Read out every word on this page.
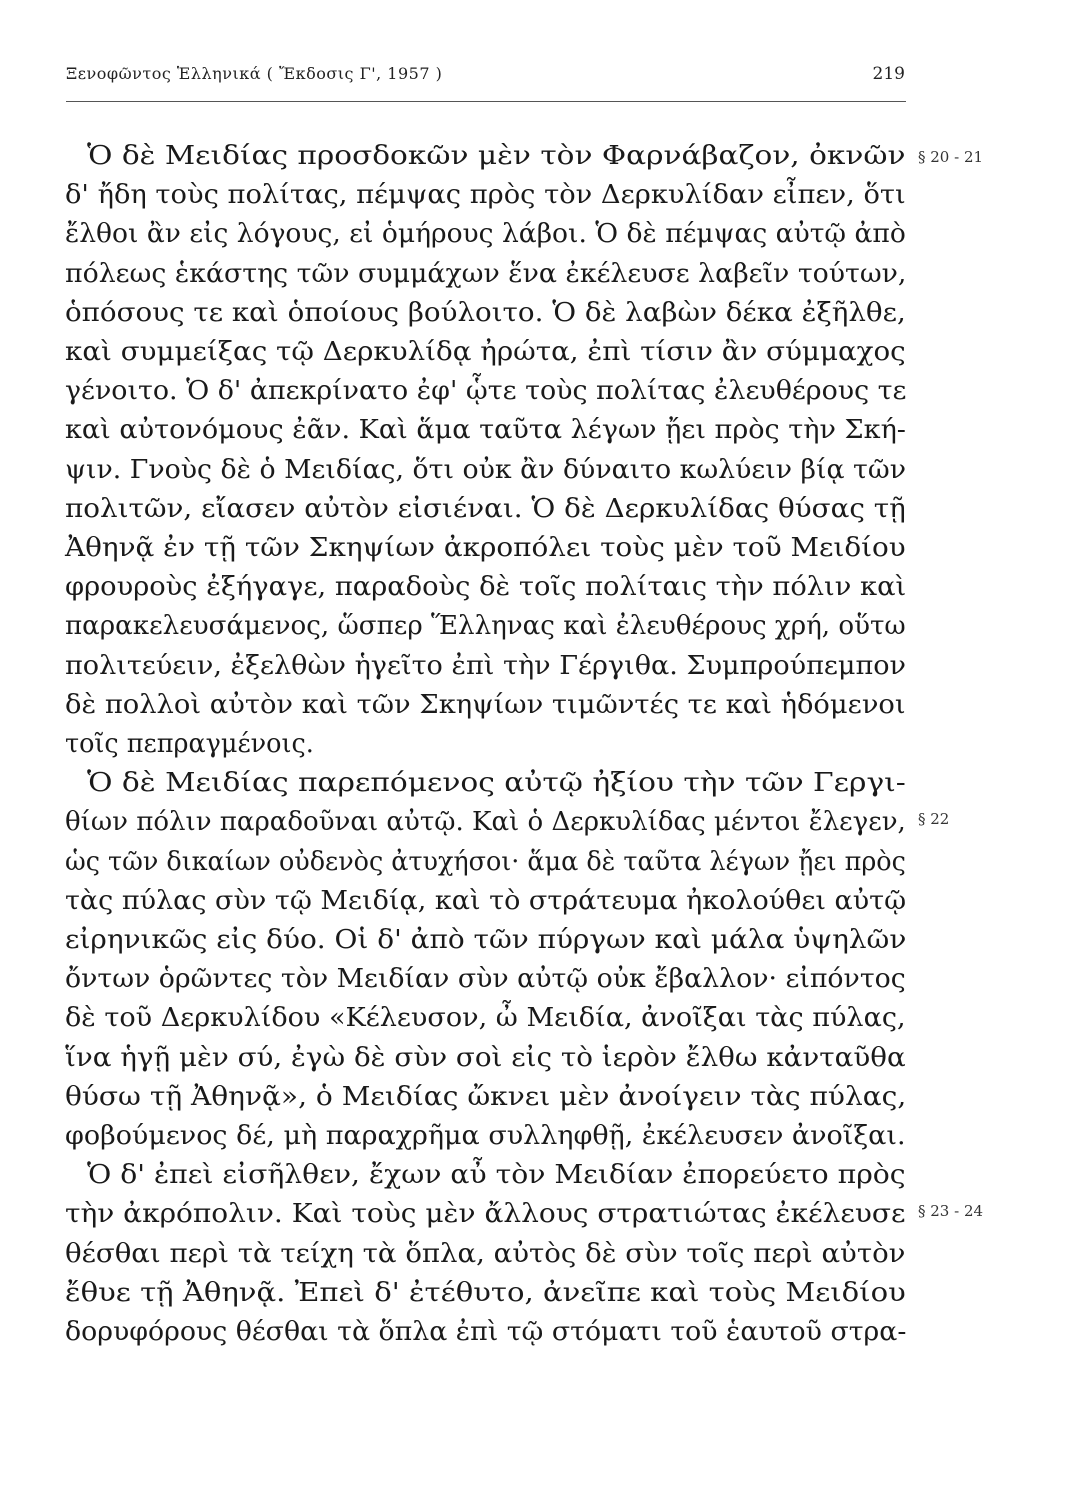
Ξενοφῶντος Ἑλληνικά ( Ἔκδοσις Γ', 1957 )	219
Ὁ δὲ Μειδίας προσδοκῶν μὲν τὸν Φαρνάβαζον, ὀκνῶν
δ' ἤδη τοὺς πολίτας, πέμψας πρὸς τὸν Δερκυλίδαν εἶπεν, ὅτι
ἔλθοι ἂν εἰς λόγους, εἰ ὁμήρους λάβοι. Ὁ δὲ πέμψας αὐτῷ ἀπὸ
πόλεως ἑκάστης τῶν συμμάχων ἕνα ἐκέλευσε λαβεῖν τούτων,
ὁπόσους τε καὶ ὁποίους βούλοιτο. Ὁ δὲ λαβὼν δέκα ἐξῆλθε,
καὶ συμμείξας τῷ Δερκυλίδᾳ ἠρώτα, ἐπὶ τίσιν ἂν σύμμαχος
γένοιτο. Ὁ δ' ἀπεκρίνατο ἐφ' ᾧτε τοὺς πολίτας ἐλευθέρους τε
καὶ αὐτονόμους ἐᾶν. Καὶ ἅμα ταῦτα λέγων ᾔει πρὸς τὴν Σκή-
ψιν. Γνοὺς δὲ ὁ Μειδίας, ὅτι οὐκ ἂν δύναιτο κωλύειν βίᾳ τῶν
πολιτῶν, εἴασεν αὐτὸν εἰσιέναι. Ὁ δὲ Δερκυλίδας θύσας τῇ
Ἀθηνᾷ ἐν τῇ τῶν Σκηψίων ἀκροπόλει τοὺς μὲν τοῦ Μειδίου
φρουροὺς ἐξήγαγε, παραδοὺς δὲ τοῖς πολίταις τὴν πόλιν καὶ
παρακελευσάμενος, ὥσπερ Ἕλληνας καὶ ἐλευθέρους χρή, οὕτω
πολιτεύειν, ἐξελθὼν ἡγεῖτο ἐπὶ τὴν Γέργιθα. Συμπρούπεμπον
δὲ πολλοὶ αὐτὸν καὶ τῶν Σκηψίων τιμῶντές τε καὶ ἡδόμενοι
τοῖς πεπραγμένοις.
Ὁ δὲ Μειδίας παρεπόμενος αὐτῷ ἠξίου τὴν τῶν Γεργι-
θίων πόλιν παραδοῦναι αὐτῷ. Καὶ ὁ Δερκυλίδας μέντοι ἔλεγεν,
ὡς τῶν δικαίων οὐδενὸς ἀτυχήσοι· ἅμα δὲ ταῦτα λέγων ᾔει πρὸς
τὰς πύλας σὺν τῷ Μειδίᾳ, καὶ τὸ στράτευμα ἠκολούθει αὐτῷ
εἰρηνικῶς εἰς δύο. Οἱ δ' ἀπὸ τῶν πύργων καὶ μάλα ὑψηλῶν
ὄντων ὁρῶντες τὸν Μειδίαν σὺν αὐτῷ οὐκ ἔβαλλον· εἰπόντος
δὲ τοῦ Δερκυλίδου «Κέλευσον, ὦ Μειδία, ἀνοῖξαι τὰς πύλας,
ἵνα ἡγῇ μὲν σύ, ἐγὼ δὲ σὺν σοὶ εἰς τὸ ἱερὸν ἔλθω κἀνταῦθα
θύσω τῇ Ἀθηνᾷ», ὁ Μειδίας ὤκνει μὲν ἀνοίγειν τὰς πύλας,
φοβούμενος δέ, μὴ παραχρῆμα συλληφθῇ, ἐκέλευσεν ἀνοῖξαι.
Ὁ δ' ἐπεὶ εἰσῆλθεν, ἔχων αὖ τὸν Μειδίαν ἐπορεύετο πρὸς
τὴν ἀκρόπολιν. Καὶ τοὺς μὲν ἄλλους στρατιώτας ἐκέλευσε
θέσθαι περὶ τὰ τείχη τὰ ὅπλα, αὐτὸς δὲ σὺν τοῖς περὶ αὐτὸν
ἔθυε τῇ Ἀθηνᾷ. Ἐπεὶ δ' ἐτέθυτο, ἀνεῖπε καὶ τοὺς Μειδίου
δορυφόρους θέσθαι τὰ ὅπλα ἐπὶ τῷ στόματι τοῦ ἑαυτοῦ στρα-
§ 20 - 21
§ 22
§ 23 - 24
